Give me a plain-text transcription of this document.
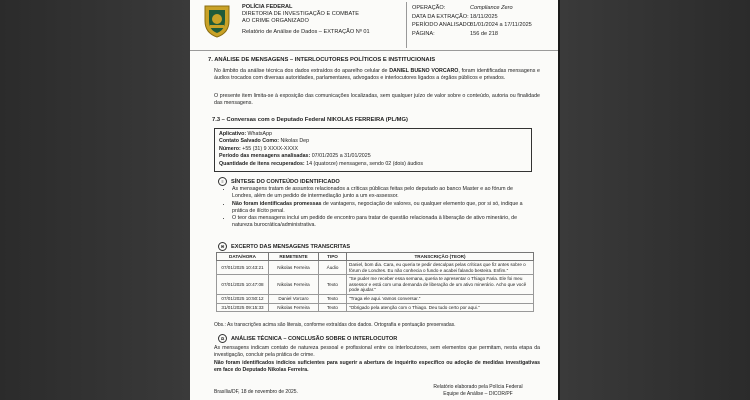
POLÍCIA FEDERAL
DIRETORIA DE INVESTIGAÇÃO E COMBATE
AO CRIME ORGANIZADO
Relatório de Análise de Dados – EXTRAÇÃO Nº 01
OPERAÇÃO:	Compliance Zero
DATA DA EXTRAÇÃO: 18/11/2025
PERÍODO ANALISADO:
01/01/2024 a 17/11/2025
PÁGINA:	156 de 218
7. ANÁLISE DE MENSAGENS – INTERLOCUTORES POLÍTICOS E INSTITUCIONAIS
No âmbito da análise técnica dos dados extraídos do aparelho celular de DANIEL BUENO VORCARO, foram identificadas mensagens e áudios trocados com diversas autoridades, parlamentares, advogados e interlocutores ligados a órgãos públicos e privados.
O presente item limita-se à exposição das comunicações localizadas, sem qualquer juízo de valor sobre o conteúdo, autoria ou finalidade das mensagens.
7.3 – Conversas com o Deputado Federal NIKOLAS FERREIRA (PL/MG)
Aplicativo: WhatsApp
Contato Salvado Como: Nikolas Dep
Número: +55 (31) 9 XXXX-XXXX
Período das mensagens analisadas: 07/01/2025 a 31/01/2025
Quantidade de itens recuperados: 14 (quatorze) mensagens, sendo 02 (dois) áudios
≡ SÍNTESE DO CONTEÚDO IDENTIFICADO
• As mensagens tratam de assuntos relacionados a críticas públicas feitas pelo deputado ao banco Master e ao fórum de Londres, além de um pedido de intermediação junto a um ex-assessor.
• Não foram identificadas promessas de vantagens, negociação de valores, ou qualquer elemento que, por si só, indique a prática de ilícito penal.
• O teor das mensagens inclui um pedido de encontro para tratar de questão relacionada à liberação de ativo minerário, de natureza burocrática/administrativa.
✉ EXCERTO DAS MENSAGENS TRANSCRITAS
DATA/HORA	REMETENTE	TIPO	TRANSCRIÇÃO (TEOR)
07/01/2025 10:43:21	Nikolas Ferreira	Áudio	Daniel, bom dia. Cara, eu queria te pedir desculpas pelas críticas que fiz antes sobre o fórum de Londres. Eu não conhecia o fundo e acabei falando besteira. Enfim."
07/01/2025 10:47:08	Nikolas Ferreira	Texto	"Se puder me receber essa semana, queria te apresentar o Thiago Faria. Ele foi meu assessor e está com uma demanda de liberação de um ativo minerário. Acho que você pode ajudar."
07/01/2025 10:50:12	Daniel Vorcaro	Texto	"Traga ele aqui. Vamos conversar."
31/01/2025 09:15:33	Nikolas Ferreira	Texto	"Obrigado pela atenção com o Thiago. Deu tudo certo por aqui."
Obs.: As transcrições acima são literais, conforme extraídas dos dados. Ortografia e pontuação preservadas.
⚖ ANÁLISE TÉCNICA – CONCLUSÃO SOBRE O INTERLOCUTOR
As mensagens indicam contato de natureza pessoal e profissional entre os interlocutores, sem elementos que permitam, nesta etapa da investigação, concluir pela prática de crime.
Não foram identificados indícios suficientes para sugerir a abertura de inquérito específico ou adoção de medidas investigativas em face do Deputado Nikolas Ferreira.
Brasília/DF, 18 de novembro de 2025.
Relatório elaborado pela Polícia Federal
Equipe de Análise – DICOR/PF
